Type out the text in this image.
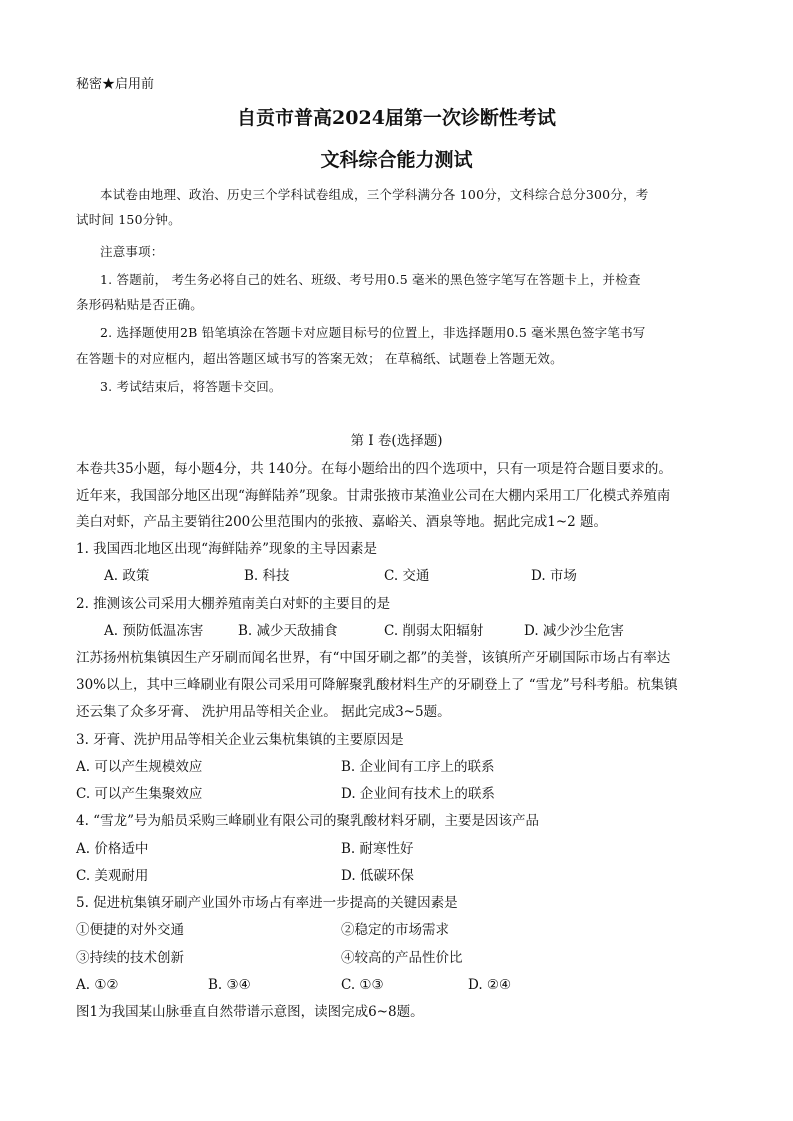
秘密★启用前
自贡市普高2024届第一次诊断性考试
文科综合能力测试
本试卷由地理、政治、历史三个学科试卷组成，三个学科满分各 100分，文科综合总分300分，考
试时间 150分钟。
注意事项：
1. 答题前， 考生务必将自己的姓名、班级、考号用0.5 毫米的黑色签字笔写在答题卡上，并检查
条形码粘贴是否正确。
2. 选择题使用2B 铅笔填涂在答题卡对应题目标号的位置上，非选择题用0.5 毫米黑色签字笔书写
在答题卡的对应框内，超出答题区域书写的答案无效； 在草稿纸、试题卷上答题无效。
3. 考试结束后，将答题卡交回。
第 Ⅰ 卷(选择题)
本卷共35小题，每小题4分，共 140分。在每小题给出的四个选项中，只有一项是符合题目要求的。
近年来，我国部分地区出现“海鲜陆养”现象。甘肃张掖市某渔业公司在大棚内采用工厂化模式养殖南
美白对虾，产品主要销往200公里范围内的张掖、嘉峪关、酒泉等地。据此完成1~2 题。
1. 我国西北地区出现“海鲜陆养”现象的主导因素是
A. 政策	B. 科技	C. 交通	D. 市场
2. 推测该公司采用大棚养殖南美白对虾的主要目的是
A. 预防低温冻害	B. 减少天敌捕食	C. 削弱太阳辐射	D. 减少沙尘危害
江苏扬州杭集镇因生产牙刷而闻名世界，有“中国牙刷之都”的美誉，该镇所产牙刷国际市场占有率达
30%以上，其中三峰刷业有限公司采用可降解聚乳酸材料生产的牙刷登上了 “雪龙”号科考船。杭集镇
还云集了众多牙膏、 洗护用品等相关企业。 据此完成3~5题。
3. 牙膏、洗护用品等相关企业云集杭集镇的主要原因是
A. 可以产生规模效应	B. 企业间有工序上的联系
C. 可以产生集聚效应	D. 企业间有技术上的联系
4. “雪龙”号为船员采购三峰刷业有限公司的聚乳酸材料牙刷，主要是因该产品
A. 价格适中	B. 耐寒性好
C. 美观耐用	D. 低碳环保
5. 促进杭集镇牙刷产业国外市场占有率进一步提高的关键因素是
①便捷的对外交通	②稳定的市场需求
③持续的技术创新	④较高的产品性价比
A. ①②	B. ③④	C. ①③	D. ②④
图1为我国某山脉垂直自然带谱示意图，读图完成6~8题。
